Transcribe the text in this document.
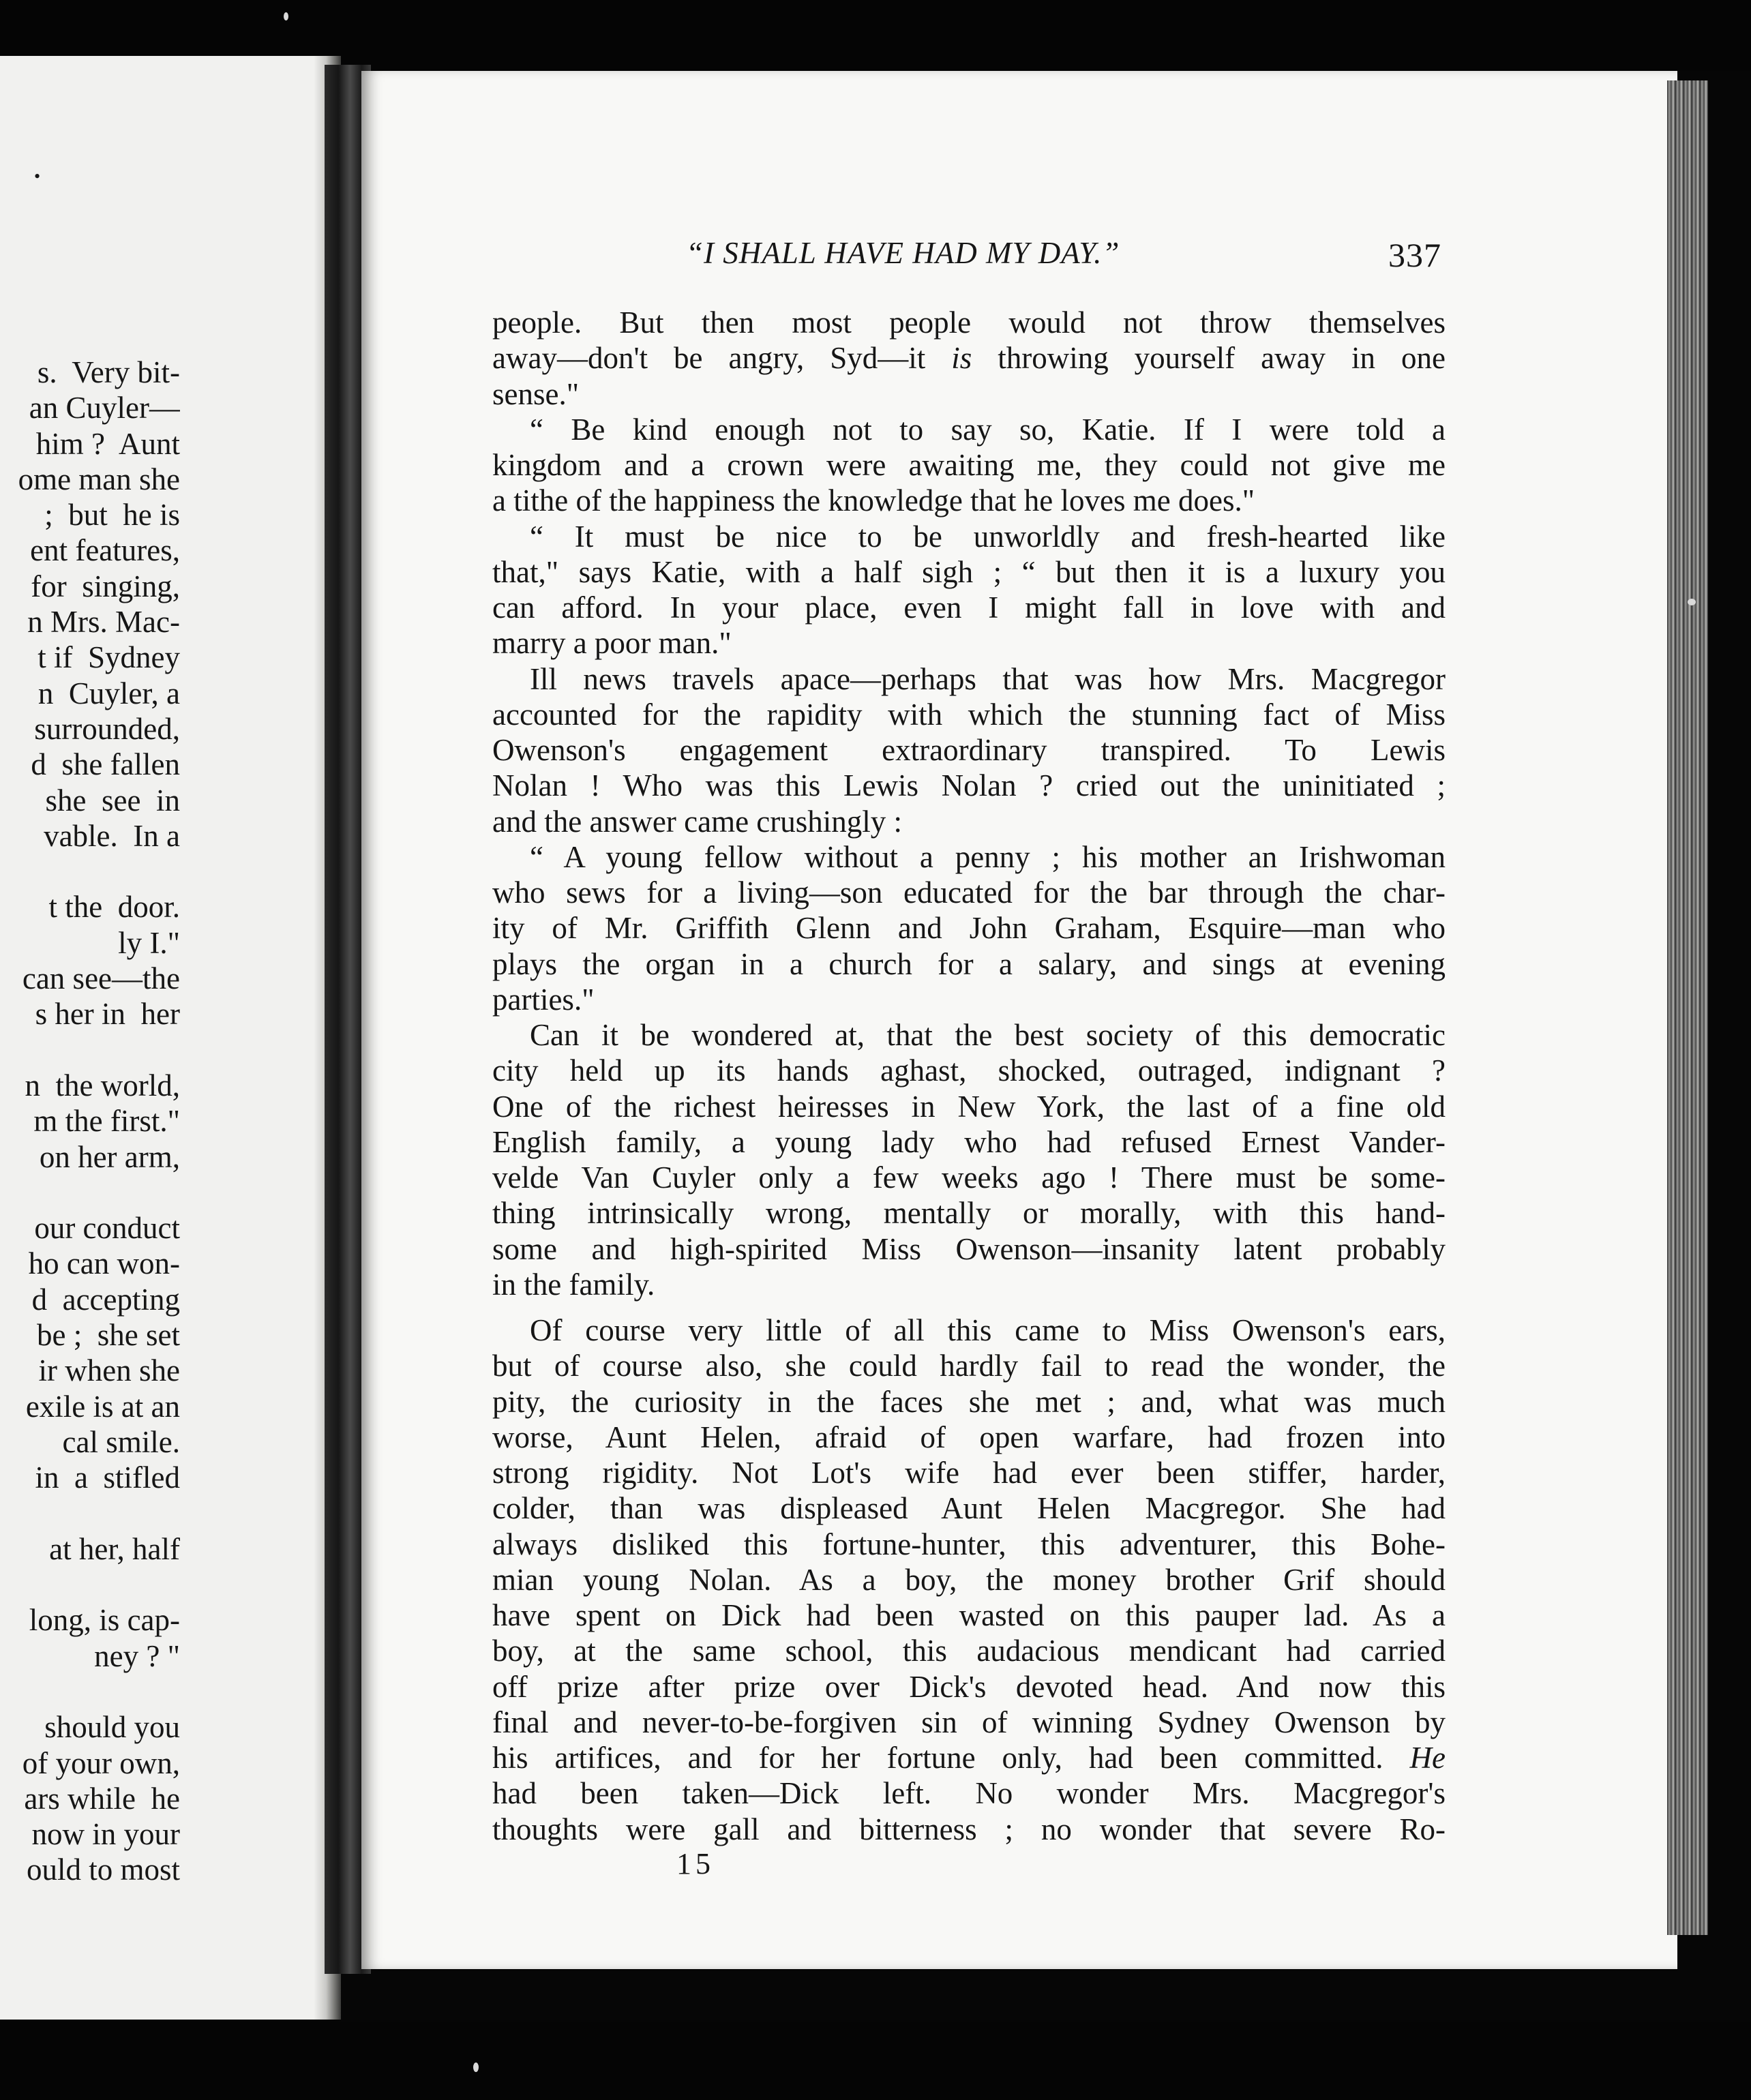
•
s.  Very bit-
an Cuyler—
him ?  Aunt
ome man she
;  but  he is
ent features,
for  singing,
n Mrs. Mac-
t if  Sydney
n  Cuyler, a
surrounded,
d  she fallen
she  see  in
vable.  In a
t the  door.
ly I."
can see—the
s her in  her
n  the world,
m the first."
on her arm,
our conduct
ho can won-
d  accepting
be ;  she set
ir when she
exile is at an
cal smile.
in  a  stifled
at her, half
long, is cap-
ney ? "
should you
of your own,
ars while  he
now in your
ould to most
“I SHALL HAVE HAD MY DAY.”	337
people. But then most people would not throw themselves
away—don't be angry, Syd—it is throwing yourself away in one
sense."
“ Be kind enough not to say so, Katie. If I were told a
kingdom and a crown were awaiting me, they could not give me
a tithe of the happiness the knowledge that he loves me does."
“ It must be nice to be unworldly and fresh-hearted like
that," says Katie, with a half sigh ; “ but then it is a luxury you
can afford. In your place, even I might fall in love with and
marry a poor man."
Ill news travels apace—perhaps that was how Mrs. Macgregor
accounted for the rapidity with which the stunning fact of Miss
Owenson's engagement extraordinary transpired. To Lewis
Nolan ! Who was this Lewis Nolan ? cried out the uninitiated ;
and the answer came crushingly :
“ A young fellow without a penny ; his mother an Irishwoman
who sews for a living—son educated for the bar through the char-
ity of Mr. Griffith Glenn and John Graham, Esquire—man who
plays the organ in a church for a salary, and sings at evening
parties."
Can it be wondered at, that the best society of this democratic
city held up its hands aghast, shocked, outraged, indignant ?
One of the richest heiresses in New York, the last of a fine old
English family, a young lady who had refused Ernest Vander-
velde Van Cuyler only a few weeks ago ! There must be some-
thing intrinsically wrong, mentally or morally, with this hand-
some and high-spirited Miss Owenson—insanity latent probably
in the family.
Of course very little of all this came to Miss Owenson's ears,
but of course also, she could hardly fail to read the wonder, the
pity, the curiosity in the faces she met ; and, what was much
worse, Aunt Helen, afraid of open warfare, had frozen into
strong rigidity. Not Lot's wife had ever been stiffer, harder,
colder, than was displeased Aunt Helen Macgregor. She had
always disliked this fortune-hunter, this adventurer, this Bohe-
mian young Nolan. As a boy, the money brother Grif should
have spent on Dick had been wasted on this pauper lad. As a
boy, at the same school, this audacious mendicant had carried
off prize after prize over Dick's devoted head. And now this
final and never-to-be-forgiven sin of winning Sydney Owenson by
his artifices, and for her fortune only, had been committed. He
had been taken—Dick left. No wonder Mrs. Macgregor's
thoughts were gall and bitterness ; no wonder that severe Ro-
15
